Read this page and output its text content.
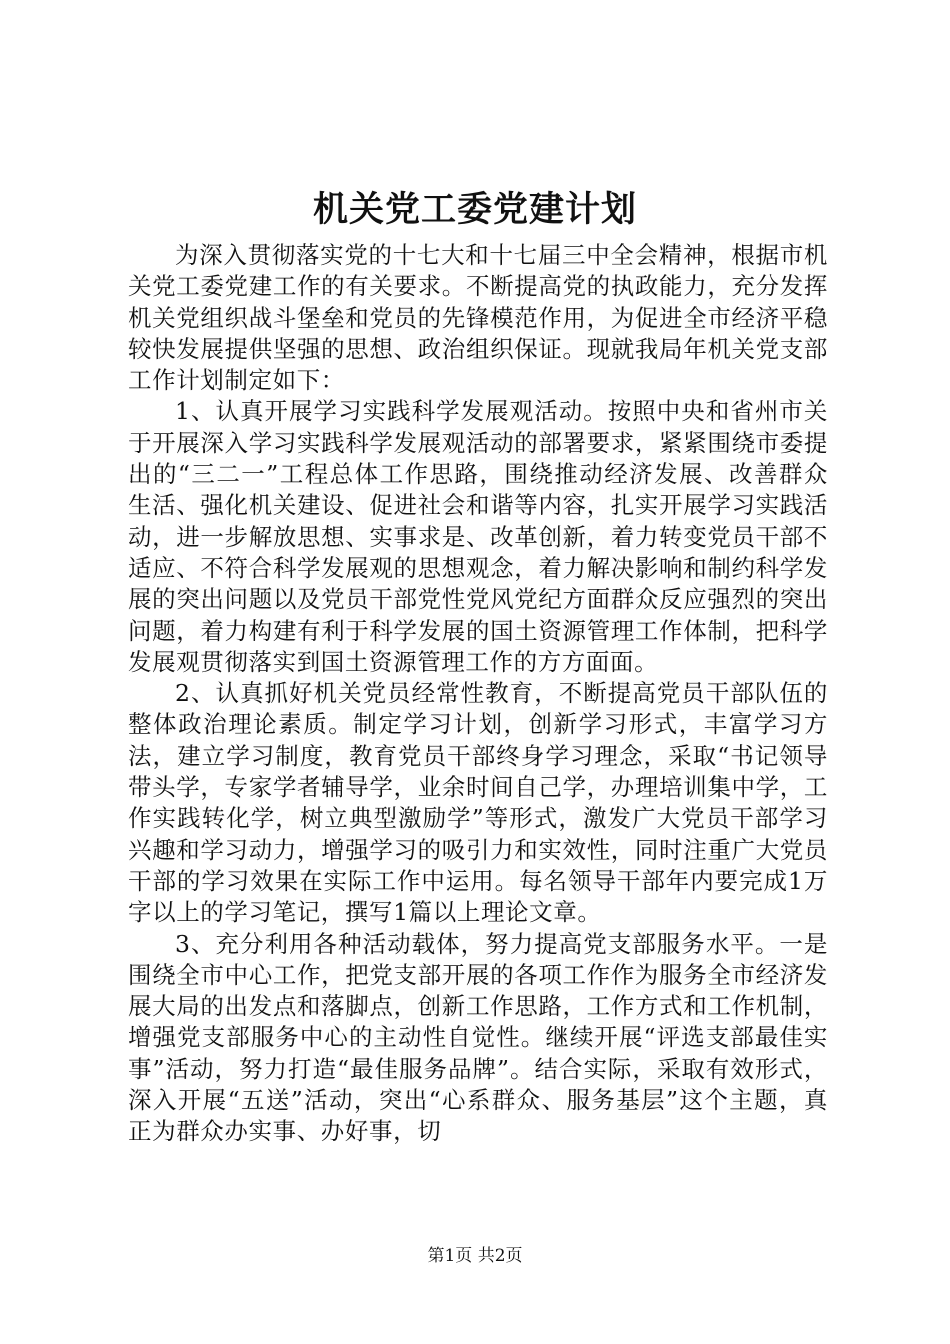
机关党工委党建计划

为深入贯彻落实党的十七大和十七届三中全会精神，根据市机关党工委党建工作的有关要求。不断提高党的执政能力，充分发挥机关党组织战斗堡垒和党员的先锋模范作用，为促进全市经济平稳较快发展提供坚强的思想、政治组织保证。现就我局年机关党支部工作计划制定如下：

1、认真开展学习实践科学发展观活动。按照中央和省州市关于开展深入学习实践科学发展观活动的部署要求，紧紧围绕市委提出的“三二一”工程总体工作思路，围绕推动经济发展、改善群众生活、强化机关建设、促进社会和谐等内容，扎实开展学习实践活动，进一步解放思想、实事求是、改革创新，着力转变党员干部不适应、不符合科学发展观的思想观念，着力解决影响和制约科学发展的突出问题以及党员干部党性党风党纪方面群众反应强烈的突出问题，着力构建有利于科学发展的国土资源管理工作体制，把科学发展观贯彻落实到国土资源管理工作的方方面面。

2、认真抓好机关党员经常性教育，不断提高党员干部队伍的整体政治理论素质。制定学习计划，创新学习形式，丰富学习方法，建立学习制度，教育党员干部终身学习理念，采取“书记领导带头学，专家学者辅导学，业余时间自己学，办理培训集中学，工作实践转化学，树立典型激励学”等形式，激发广大党员干部学习兴趣和学习动力，增强学习的吸引力和实效性，同时注重广大党员干部的学习效果在实际工作中运用。每名领导干部年内要完成1万字以上的学习笔记，撰写1篇以上理论文章。

3、充分利用各种活动载体，努力提高党支部服务水平。一是围绕全市中心工作，把党支部开展的各项工作作为服务全市经济发展大局的出发点和落脚点，创新工作思路，工作方式和工作机制，增强党支部服务中心的主动性自觉性。继续开展“评选支部最佳实事”活动，努力打造“最佳服务品牌”。结合实际，采取有效形式，深入开展“五送”活动，突出“心系群众、服务基层”这个主题，真正为群众办实事、办好事，切

第1页 共2页
